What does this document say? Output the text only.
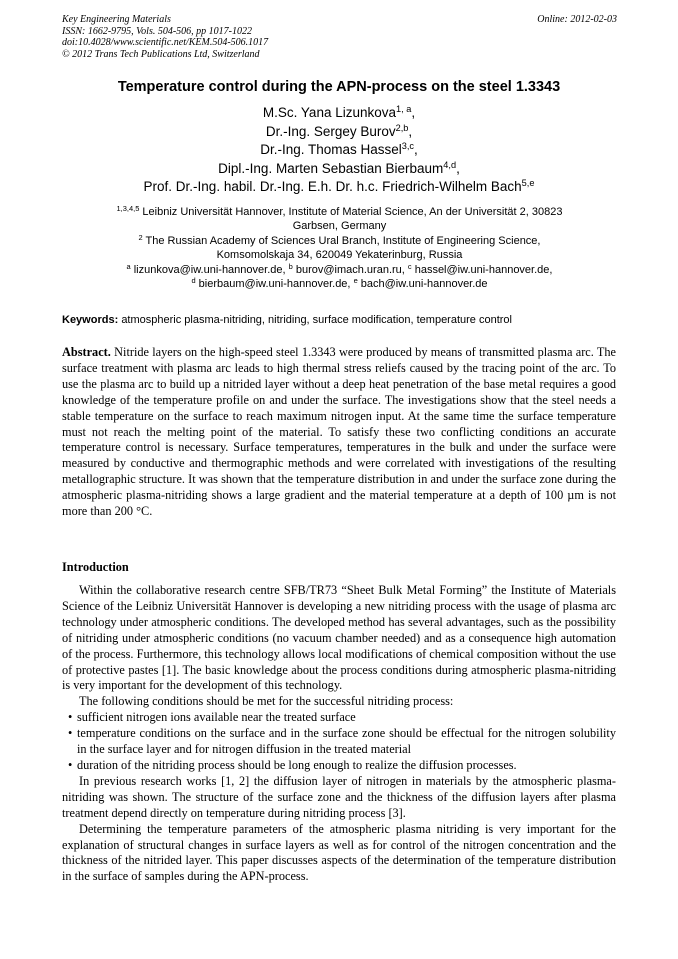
Key Engineering Materials
ISSN: 1662-9795, Vols. 504-506, pp 1017-1022
doi:10.4028/www.scientific.net/KEM.504-506.1017
© 2012 Trans Tech Publications Ltd, Switzerland
Online: 2012-02-03
Temperature control during the APN-process on the steel 1.3343
M.Sc. Yana Lizunkova$^{1, a}$,
Dr.-Ing. Sergey Burov$^{2,b}$,
Dr.-Ing. Thomas Hassel$^{3,c}$,
Dipl.-Ing. Marten Sebastian Bierbaum$^{4,d}$,
Prof. Dr.-Ing. habil. Dr.-Ing. E.h. Dr. h.c. Friedrich-Wilhelm Bach$^{5,e}$
$^{1,3,4,5}$ Leibniz Universität Hannover, Institute of Material Science, An der Universität 2, 30823
Garbsen, Germany
$^2$ The Russian Academy of Sciences Ural Branch, Institute of Engineering Science,
Komsomolskaja 34, 620049 Yekaterinburg, Russia
$^a$ lizunkova@iw.uni-hannover.de, $^b$ burov@imach.uran.ru, $^c$ hassel@iw.uni-hannover.de,
$^d$ bierbaum@iw.uni-hannover.de, $^e$ bach@iw.uni-hannover.de
Keywords: atmospheric plasma-nitriding, nitriding, surface modification, temperature control
Abstract. Nitride layers on the high-speed steel 1.3343 were produced by means of transmitted plasma arc. The surface treatment with plasma arc leads to high thermal stress reliefs caused by the tracing point of the arc. To use the plasma arc to build up a nitrided layer without a deep heat penetration of the base metal requires a good knowledge of the temperature profile on and under the surface. The investigations show that the steel needs a stable temperature on the surface to reach maximum nitrogen input. At the same time the surface temperature must not reach the melting point of the material. To satisfy these two conflicting conditions an accurate temperature control is necessary. Surface temperatures, temperatures in the bulk and under the surface were measured by conductive and thermographic methods and were correlated with investigations of the resulting metallographic structure. It was shown that the temperature distribution in and under the surface zone during the atmospheric plasma-nitriding shows a large gradient and the material temperature at a depth of 100 µm is not more than 200 °C.
Introduction

Within the collaborative research centre SFB/TR73 “Sheet Bulk Metal Forming” the Institute of Materials Science of the Leibniz Universität Hannover is developing a new nitriding process with the usage of plasma arc technology under atmospheric conditions. The developed method has several advantages, such as the possibility of nitriding under atmospheric conditions (no vacuum chamber needed) and as a consequence high automation of the process. Furthermore, this technology allows local modifications of chemical composition without the use of protective pastes [1]. The basic knowledge about the process conditions during atmospheric plasma-nitriding is very important for the development of this technology.

The following conditions should be met for the successful nitriding process:

• sufficient nitrogen ions available near the treated surface
• temperature conditions on the surface and in the surface zone should be effectual for the nitrogen solubility in the surface layer and for nitrogen diffusion in the treated material
• duration of the nitriding process should be long enough to realize the diffusion processes.

In previous research works [1, 2] the diffusion layer of nitrogen in materials by the atmospheric plasma-nitriding was shown. The structure of the surface zone and the thickness of the diffusion layers after plasma treatment depend directly on temperature during nitriding process [3].

Determining the temperature parameters of the atmospheric plasma nitriding is very important for the explanation of structural changes in surface layers as well as for control of the nitrogen concentration and the thickness of the nitrided layer. This paper discusses aspects of the determination of the temperature distribution in the surface of samples during the APN-process.
